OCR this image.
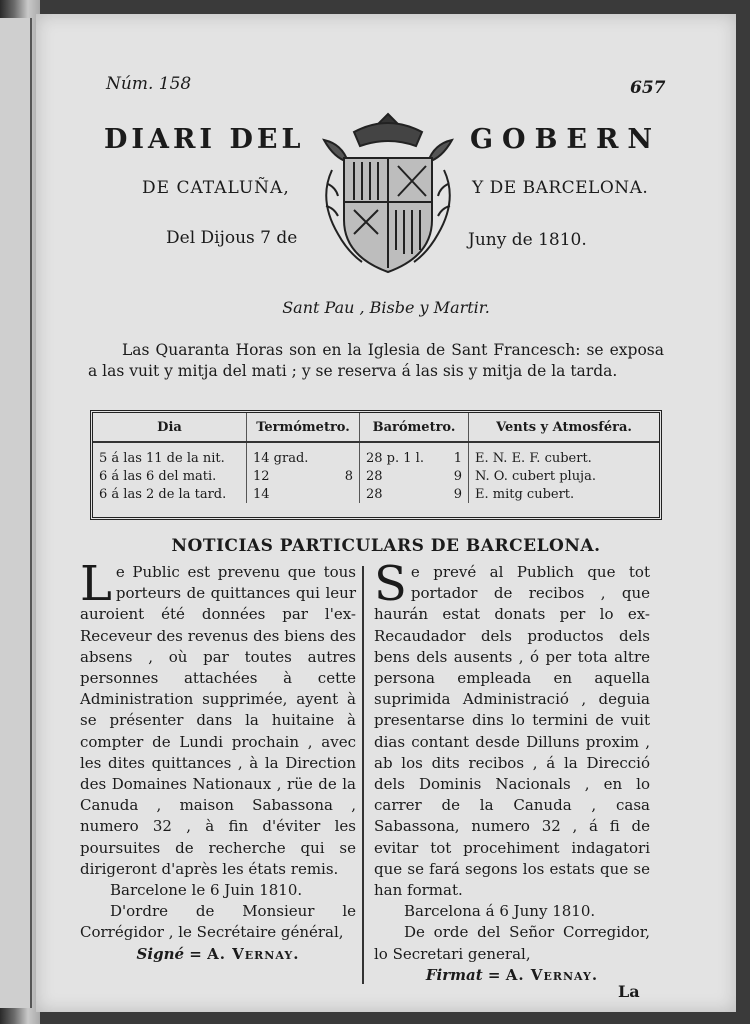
Núm. 158	657
DIARI DEL	GOBERN
DE CATALUÑA,	Y DE BARCELONA.
Del Dijous 7 de	Juny de 1810.
Sant Pau , Bisbe y Martir.
Las Quaranta Horas son en la Iglesia de Sant Francesch: se exposa a las vuit y mitja del mati ; y se reserva á las sis y mitja de la tarda.
Dia	Termómetro.	Barómetro.	Vents y Atmosféra.
5 á las 11 de la nit.	14 grad.	28 p. 1 l. 1	E. N. E. F. cubert.
6 á las 6 del mati.	12 8	28 9	N. O. cubert pluja.
6 á las 2 de la tard.	14	28 9	E. mitg cubert.
NOTICIAS PARTICULARS DE BARCELONA.
Le Public est prevenu que tous porteurs de quittances qui leur auroient été données par l'ex-Receveur des revenus des biens des absens , où par toutes autres personnes attachées à cette Administration supprimée, ayent à se présenter dans la huitaine à compter de Lundi prochain , avec les dites quittances , à la Direction des Domaines Nationaux , rüe de la Canuda , maison Sabassona , numero 32 , à fin d'éviter les poursuites de recherche qui se dirigeront d'après les états remis.
Barcelone le 6 Juin 1810.
D'ordre de Monsieur le Corrégidor , le Secrétaire général,
Signé = A. Vernay.
Se prevé al Publich que tot portador de recibos , que haurán estat donats per lo ex-Recaudador dels productos dels bens dels ausents , ó per tota altre persona empleada en aquella suprimida Administració , deguia presentarse dins lo termini de vuit dias contant desde Dilluns proxim , ab los dits recibos , á la Direcció dels Dominis Nacionals , en lo carrer de la Canuda , casa Sabassona, numero 32 , á fi de evitar tot procehiment indagatori que se fará segons los estats que se han format.
Barcelona á 6 Juny 1810.
De orde del Señor Corregidor, lo Secretari general,
Firmat = A. Vernay.
La
